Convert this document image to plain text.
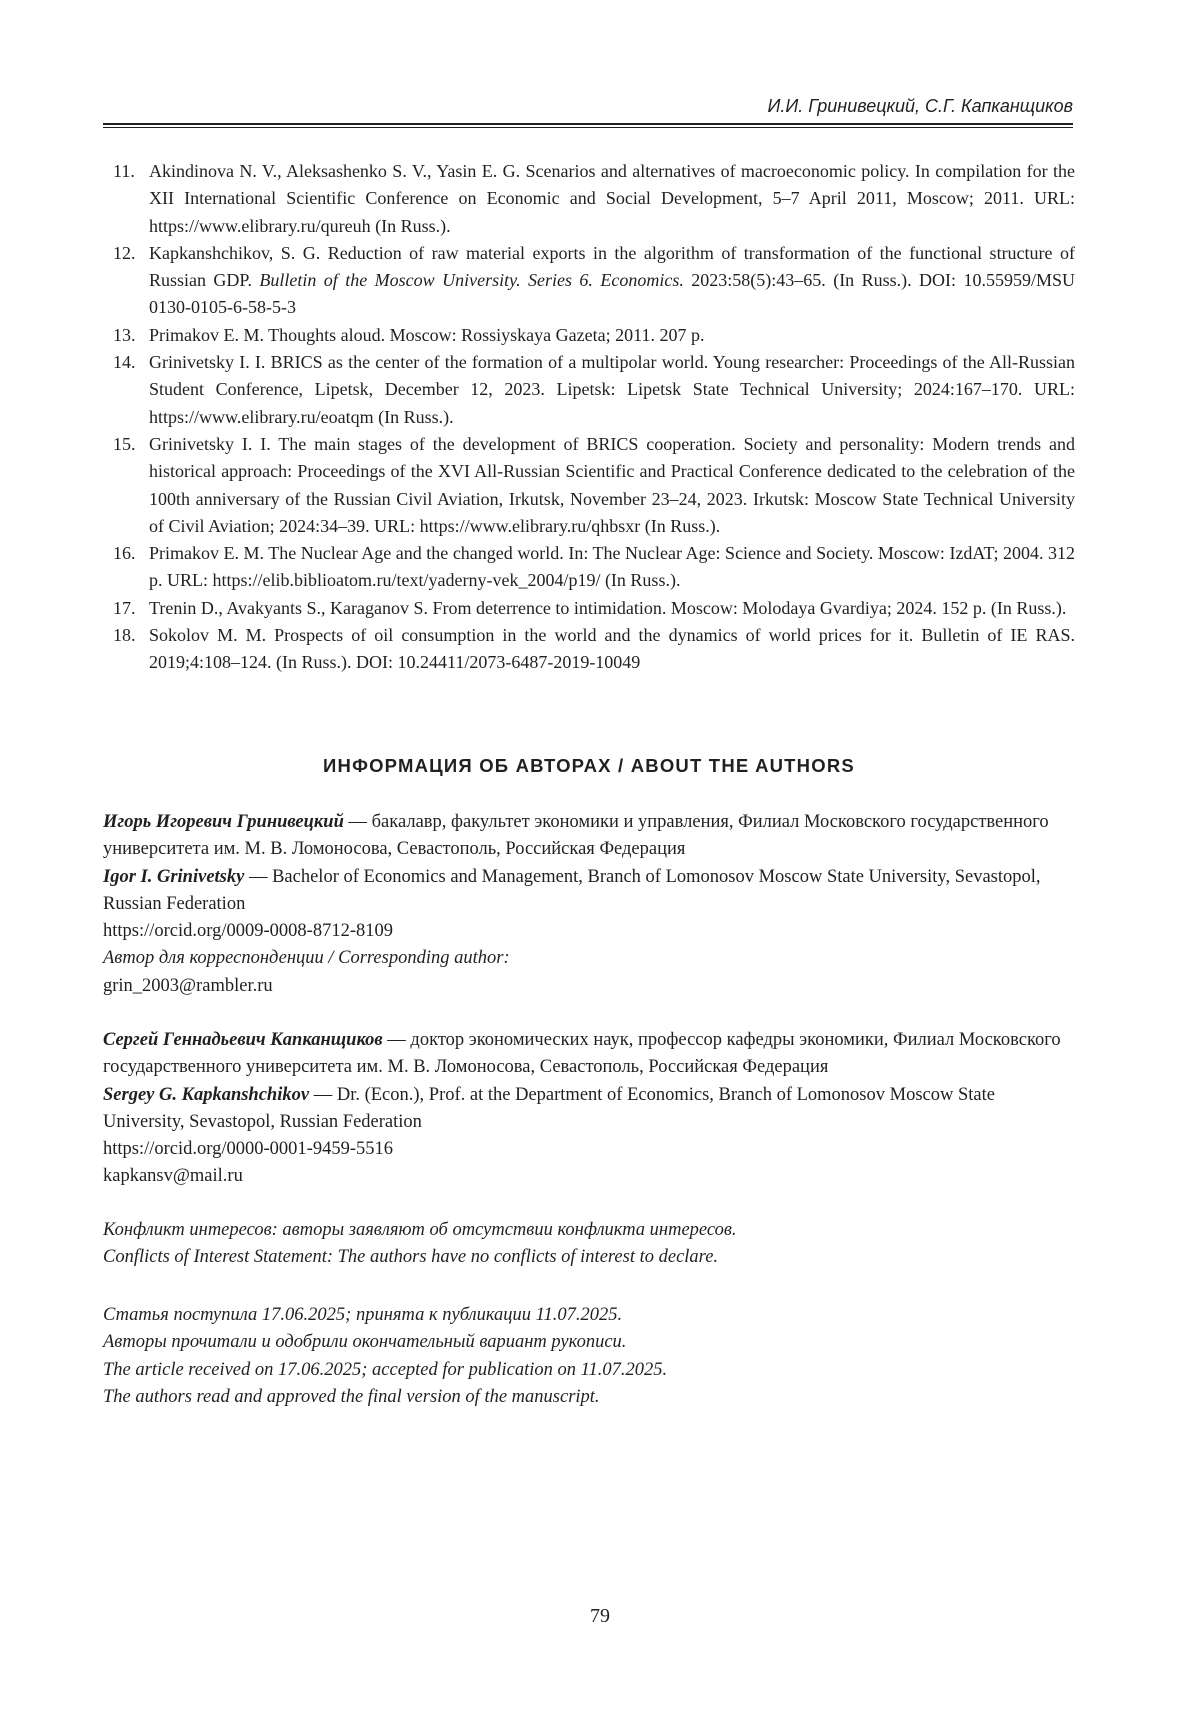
И.И. Гринивецкий, С.Г. Капканщиков
11. Akindinova N. V., Aleksashenko S. V., Yasin E. G. Scenarios and alternatives of macroeconomic policy. In compilation for the XII International Scientific Conference on Economic and Social Development, 5–7 April 2011, Moscow; 2011. URL: https://www.elibrary.ru/qureuh (In Russ.).
12. Kapkanshchikov, S. G. Reduction of raw material exports in the algorithm of transformation of the functional structure of Russian GDP. Bulletin of the Moscow University. Series 6. Economics. 2023:58(5):43–65. (In Russ.). DOI: 10.55959/MSU 0130-0105-6-58-5-3
13. Primakov E. M. Thoughts aloud. Moscow: Rossiyskaya Gazeta; 2011. 207 p.
14. Grinivetsky I. I. BRICS as the center of the formation of a multipolar world. Young researcher: Proceedings of the All-Russian Student Conference, Lipetsk, December 12, 2023. Lipetsk: Lipetsk State Technical University; 2024:167–170. URL: https://www.elibrary.ru/eoatqm (In Russ.).
15. Grinivetsky I. I. The main stages of the development of BRICS cooperation. Society and personality: Modern trends and historical approach: Proceedings of the XVI All-Russian Scientific and Practical Conference dedicated to the celebration of the 100th anniversary of the Russian Civil Aviation, Irkutsk, November 23–24, 2023. Irkutsk: Moscow State Technical University of Civil Aviation; 2024:34–39. URL: https://www.elibrary.ru/qhbsxr (In Russ.).
16. Primakov E. M. The Nuclear Age and the changed world. In: The Nuclear Age: Science and Society. Moscow: IzdAT; 2004. 312 p. URL: https://elib.biblioatom.ru/text/yaderny-vek_2004/p19/ (In Russ.).
17. Trenin D., Avakyants S., Karaganov S. From deterrence to intimidation. Moscow: Molodaya Gvardiya; 2024. 152 p. (In Russ.).
18. Sokolov M. M. Prospects of oil consumption in the world and the dynamics of world prices for it. Bulletin of IE RAS. 2019;4:108–124. (In Russ.). DOI: 10.24411/2073-6487-2019-10049
ИНФОРМАЦИЯ ОБ АВТОРАХ / ABOUT THE AUTHORS
Игорь Игоревич Гринивецкий — бакалавр, факультет экономики и управления, Филиал Московского государственного университета им. М. В. Ломоносова, Севастополь, Российская Федерация
Igor I. Grinivetsky — Bachelor of Economics and Management, Branch of Lomonosov Moscow State University, Sevastopol, Russian Federation
https://orcid.org/0009-0008-8712-8109
Автор для корреспонденции / Corresponding author:
grin_2003@rambler.ru
Сергей Геннадьевич Капканщиков — доктор экономических наук, профессор кафедры экономики, Филиал Московского государственного университета им. М. В. Ломоносова, Севастополь, Российская Федерация
Sergey G. Kapkanshchikov — Dr. (Econ.), Prof. at the Department of Economics, Branch of Lomonosov Moscow State University, Sevastopol, Russian Federation
https://orcid.org/0000-0001-9459-5516
kapkansv@mail.ru
Конфликт интересов: авторы заявляют об отсутствии конфликта интересов.
Conflicts of Interest Statement: The authors have no conflicts of interest to declare.
Статья поступила 17.06.2025; принята к публикации 11.07.2025.
Авторы прочитали и одобрили окончательный вариант рукописи.
The article received on 17.06.2025; accepted for publication on 11.07.2025.
The authors read and approved the final version of the manuscript.
79
